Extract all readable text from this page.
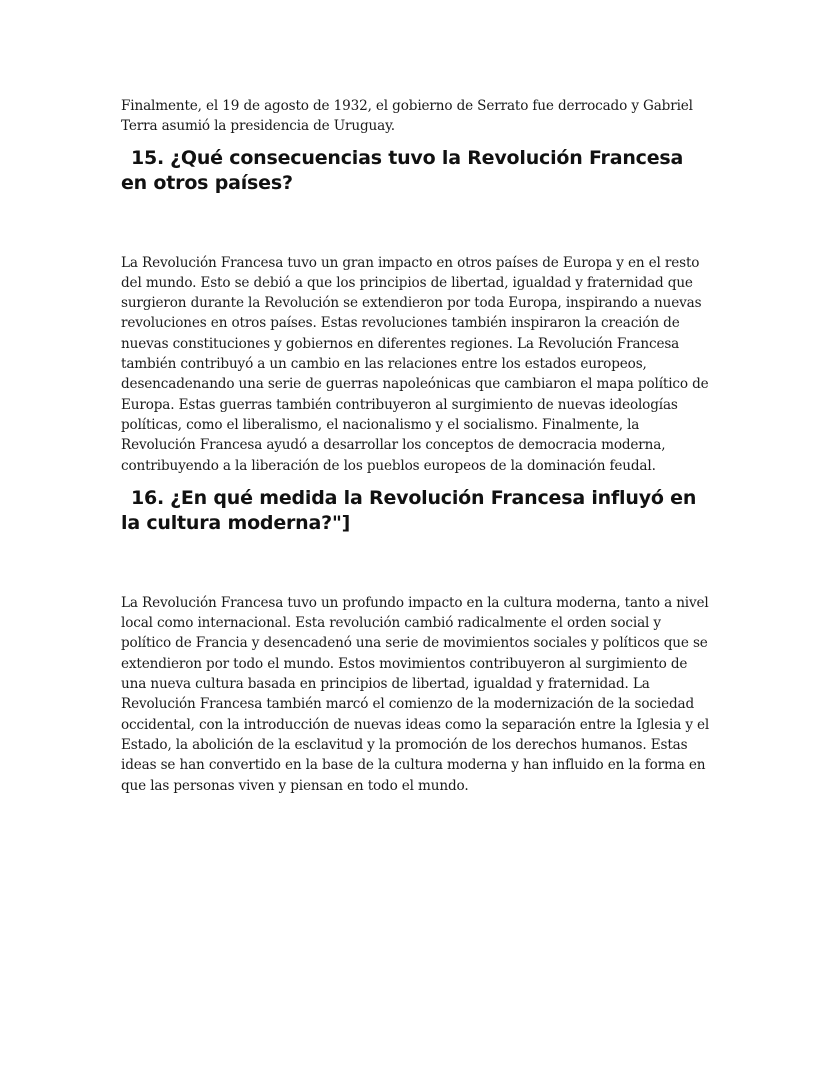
Finalmente, el 19 de agosto de 1932, el gobierno de Serrato fue derrocado y Gabriel Terra asumió la presidencia de Uruguay.

15. ¿Qué consecuencias tuvo la Revolución Francesa en otros países?

La Revolución Francesa tuvo un gran impacto en otros países de Europa y en el resto del mundo. Esto se debió a que los principios de libertad, igualdad y fraternidad que surgieron durante la Revolución se extendieron por toda Europa, inspirando a nuevas revoluciones en otros países. Estas revoluciones también inspiraron la creación de nuevas constituciones y gobiernos en diferentes regiones. La Revolución Francesa también contribuyó a un cambio en las relaciones entre los estados europeos, desencadenando una serie de guerras napoleónicas que cambiaron el mapa político de Europa. Estas guerras también contribuyeron al surgimiento de nuevas ideologías políticas, como el liberalismo, el nacionalismo y el socialismo. Finalmente, la Revolución Francesa ayudó a desarrollar los conceptos de democracia moderna, contribuyendo a la liberación de los pueblos europeos de la dominación feudal.

16. ¿En qué medida la Revolución Francesa influyó en la cultura moderna?"]

La Revolución Francesa tuvo un profundo impacto en la cultura moderna, tanto a nivel local como internacional. Esta revolución cambió radicalmente el orden social y político de Francia y desencadenó una serie de movimientos sociales y políticos que se extendieron por todo el mundo. Estos movimientos contribuyeron al surgimiento de una nueva cultura basada en principios de libertad, igualdad y fraternidad. La Revolución Francesa también marcó el comienzo de la modernización de la sociedad occidental, con la introducción de nuevas ideas como la separación entre la Iglesia y el Estado, la abolición de la esclavitud y la promoción de los derechos humanos. Estas ideas se han convertido en la base de la cultura moderna y han influido en la forma en que las personas viven y piensan en todo el mundo.
